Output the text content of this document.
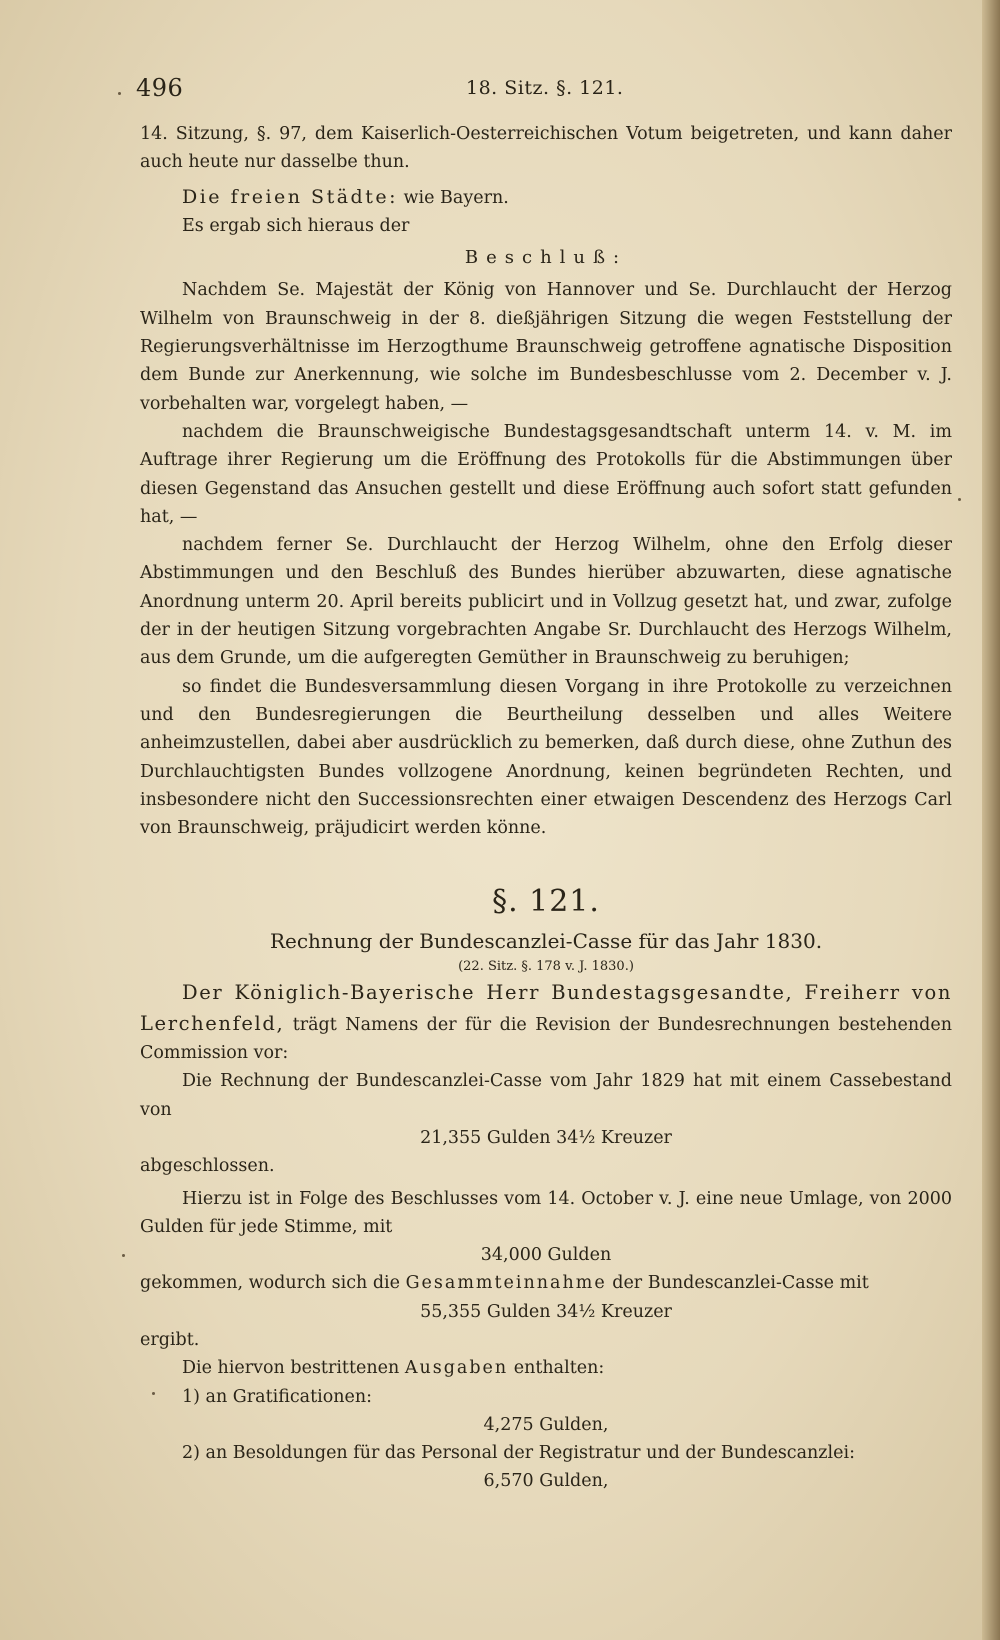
496	18. Sitz. §. 121.

14. Sitzung, §. 97, dem Kaiserlich-Oesterreichischen Votum beigetreten, und kann daher auch heute nur dasselbe thun.

Die freien Städte: wie Bayern.

Es ergab sich hieraus der

Beschluß:

Nachdem Se. Majestät der König von Hannover und Se. Durchlaucht der Herzog Wilhelm von Braunschweig in der 8. dießjährigen Sitzung die wegen Feststellung der Regierungsverhältnisse im Herzogthume Braunschweig getroffene agnatische Disposition dem Bunde zur Anerkennung, wie solche im Bundesbeschlusse vom 2. December v. J. vorbehalten war, vorgelegt haben, —

nachdem die Braunschweigische Bundestagsgesandtschaft unterm 14. v. M. im Auftrage ihrer Regierung um die Eröffnung des Protokolls für die Abstimmungen über diesen Gegenstand das Ansuchen gestellt und diese Eröffnung auch sofort statt gefunden hat, —

nachdem ferner Se. Durchlaucht der Herzog Wilhelm, ohne den Erfolg dieser Abstimmungen und den Beschluß des Bundes hierüber abzuwarten, diese agnatische Anordnung unterm 20. April bereits publicirt und in Vollzug gesetzt hat, und zwar, zufolge der in der heutigen Sitzung vorgebrachten Angabe Sr. Durchlaucht des Herzogs Wilhelm, aus dem Grunde, um die aufgeregten Gemüther in Braunschweig zu beruhigen;

so findet die Bundesversammlung diesen Vorgang in ihre Protokolle zu verzeichnen und den Bundesregierungen die Beurtheilung desselben und alles Weitere anheimzustellen, dabei aber ausdrücklich zu bemerken, daß durch diese, ohne Zuthun des Durchlauchtigsten Bundes vollzogene Anordnung, keinen begründeten Rechten, und insbesondere nicht den Successionsrechten einer etwaigen Descendenz des Herzogs Carl von Braunschweig, präjudicirt werden könne.

§. 121.

Rechnung der Bundescanzlei-Casse für das Jahr 1830.

(22. Sitz. §. 178 v. J. 1830.)

Der Königlich-Bayerische Herr Bundestagsgesandte, Freiherr von Lerchenfeld, trägt Namens der für die Revision der Bundesrechnungen bestehenden Commission vor:

Die Rechnung der Bundescanzlei-Casse vom Jahr 1829 hat mit einem Cassebestand von

21,355 Gulden 34½ Kreuzer

abgeschlossen.

Hierzu ist in Folge des Beschlusses vom 14. October v. J. eine neue Umlage, von 2000 Gulden für jede Stimme, mit

34,000 Gulden

gekommen, wodurch sich die Gesammteinnahme der Bundescanzlei-Casse mit

55,355 Gulden 34½ Kreuzer

ergibt.

Die hiervon bestrittenen Ausgaben enthalten:

1) an Gratificationen:

4,275 Gulden,

2) an Besoldungen für das Personal der Registratur und der Bundescanzlei:

6,570 Gulden,
